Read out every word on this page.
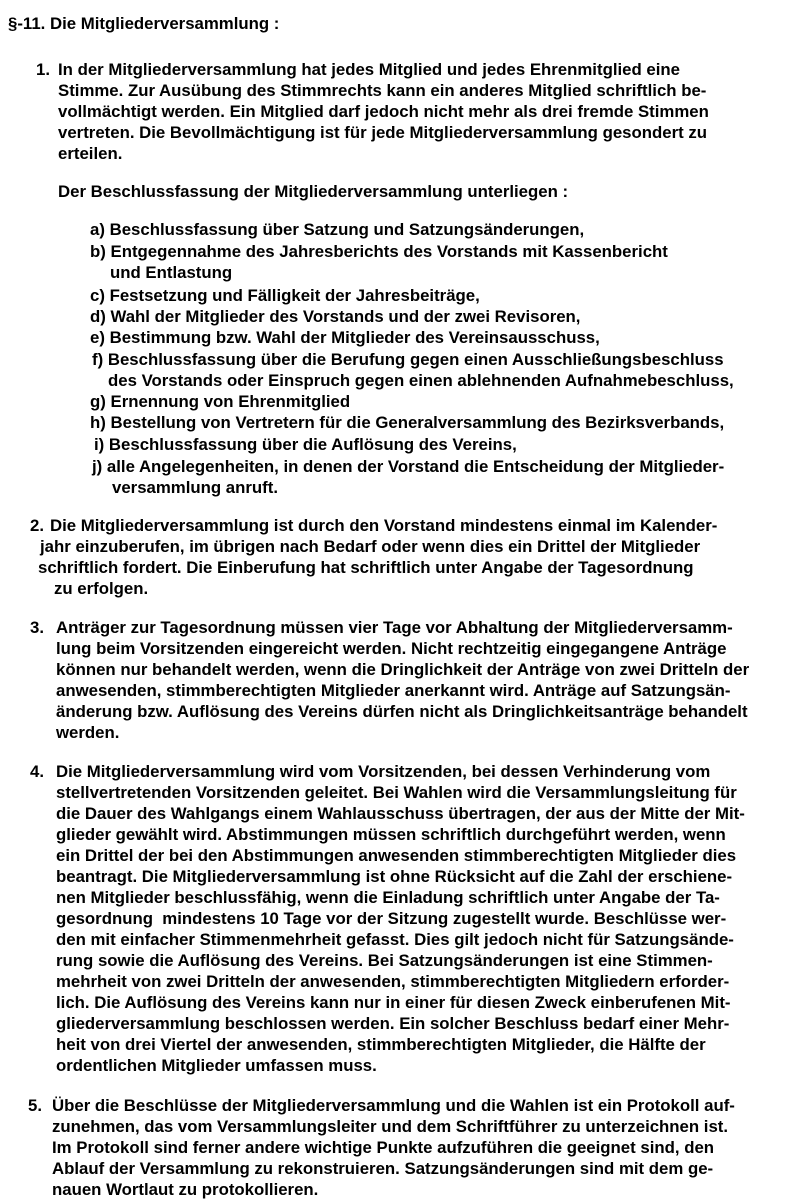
§-11. Die Mitgliederversammlung :
1. In der Mitgliederversammlung hat jedes Mitglied und jedes Ehrenmitglied eine
Stimme. Zur Ausübung des Stimmrechts kann ein anderes Mitglied schriftlich be-
vollmächtigt werden. Ein Mitglied darf jedoch nicht mehr als drei fremde Stimmen
vertreten. Die Bevollmächtigung ist für jede Mitgliederversammlung gesondert zu
erteilen.
Der Beschlussfassung der Mitgliederversammlung unterliegen :
a) Beschlussfassung über Satzung und Satzungsänderungen,
b) Entgegennahme des Jahresberichts des Vorstands mit Kassenbericht
und Entlastung
c) Festsetzung und Fälligkeit der Jahresbeiträge,
d) Wahl der Mitglieder des Vorstands und der zwei Revisoren,
e) Bestimmung bzw. Wahl der Mitglieder des Vereinsausschuss,
f) Beschlussfassung über die Berufung gegen einen Ausschließungsbeschluss
des Vorstands oder Einspruch gegen einen ablehnenden Aufnahmebeschluss,
g) Ernennung von Ehrenmitglied
h) Bestellung von Vertretern für die Generalversammlung des Bezirksverbands,
i) Beschlussfassung über die Auflösung des Vereins,
j) alle Angelegenheiten, in denen der Vorstand die Entscheidung der Mitglieder-
versammlung anruft.
2. Die Mitgliederversammlung ist durch den Vorstand mindestens einmal im Kalender-
jahr einzuberufen, im übrigen nach Bedarf oder wenn dies ein Drittel der Mitglieder
schriftlich fordert. Die Einberufung hat schriftlich unter Angabe der Tagesordnung
zu erfolgen.
3. Anträger zur Tagesordnung müssen vier Tage vor Abhaltung der Mitgliederversamm-
lung beim Vorsitzenden eingereicht werden. Nicht rechtzeitig eingegangene Anträge
können nur behandelt werden, wenn die Dringlichkeit der Anträge von zwei Dritteln der
anwesenden, stimmberechtigten Mitglieder anerkannt wird. Anträge auf Satzungsän-
änderung bzw. Auflösung des Vereins dürfen nicht als Dringlichkeitsanträge behandelt
werden.
4. Die Mitgliederversammlung wird vom Vorsitzenden, bei dessen Verhinderung vom
stellvertretenden Vorsitzenden geleitet. Bei Wahlen wird die Versammlungsleitung für
die Dauer des Wahlgangs einem Wahlausschuss übertragen, der aus der Mitte der Mit-
glieder gewählt wird. Abstimmungen müssen schriftlich durchgeführt werden, wenn
ein Drittel der bei den Abstimmungen anwesenden stimmberechtigten Mitglieder dies
beantragt. Die Mitgliederversammlung ist ohne Rücksicht auf die Zahl der erschiene-
nen Mitglieder beschlussfähig, wenn die Einladung schriftlich unter Angabe der Ta-
gesordnung  mindestens 10 Tage vor der Sitzung zugestellt wurde. Beschlüsse wer-
den mit einfacher Stimmenmehrheit gefasst. Dies gilt jedoch nicht für Satzungsände-
rung sowie die Auflösung des Vereins. Bei Satzungsänderungen ist eine Stimmen-
mehrheit von zwei Dritteln der anwesenden, stimmberechtigten Mitgliedern erforder-
lich. Die Auflösung des Vereins kann nur in einer für diesen Zweck einberufenen Mit-
gliederversammlung beschlossen werden. Ein solcher Beschluss bedarf einer Mehr-
heit von drei Viertel der anwesenden, stimmberechtigten Mitglieder, die Hälfte der
ordentlichen Mitglieder umfassen muss.
5. Über die Beschlüsse der Mitgliederversammlung und die Wahlen ist ein Protokoll auf-
zunehmen, das vom Versammlungsleiter und dem Schriftführer zu unterzeichnen ist.
Im Protokoll sind ferner andere wichtige Punkte aufzuführen die geeignet sind, den
Ablauf der Versammlung zu rekonstruieren. Satzungsänderungen sind mit dem ge-
nauen Wortlaut zu protokollieren.
